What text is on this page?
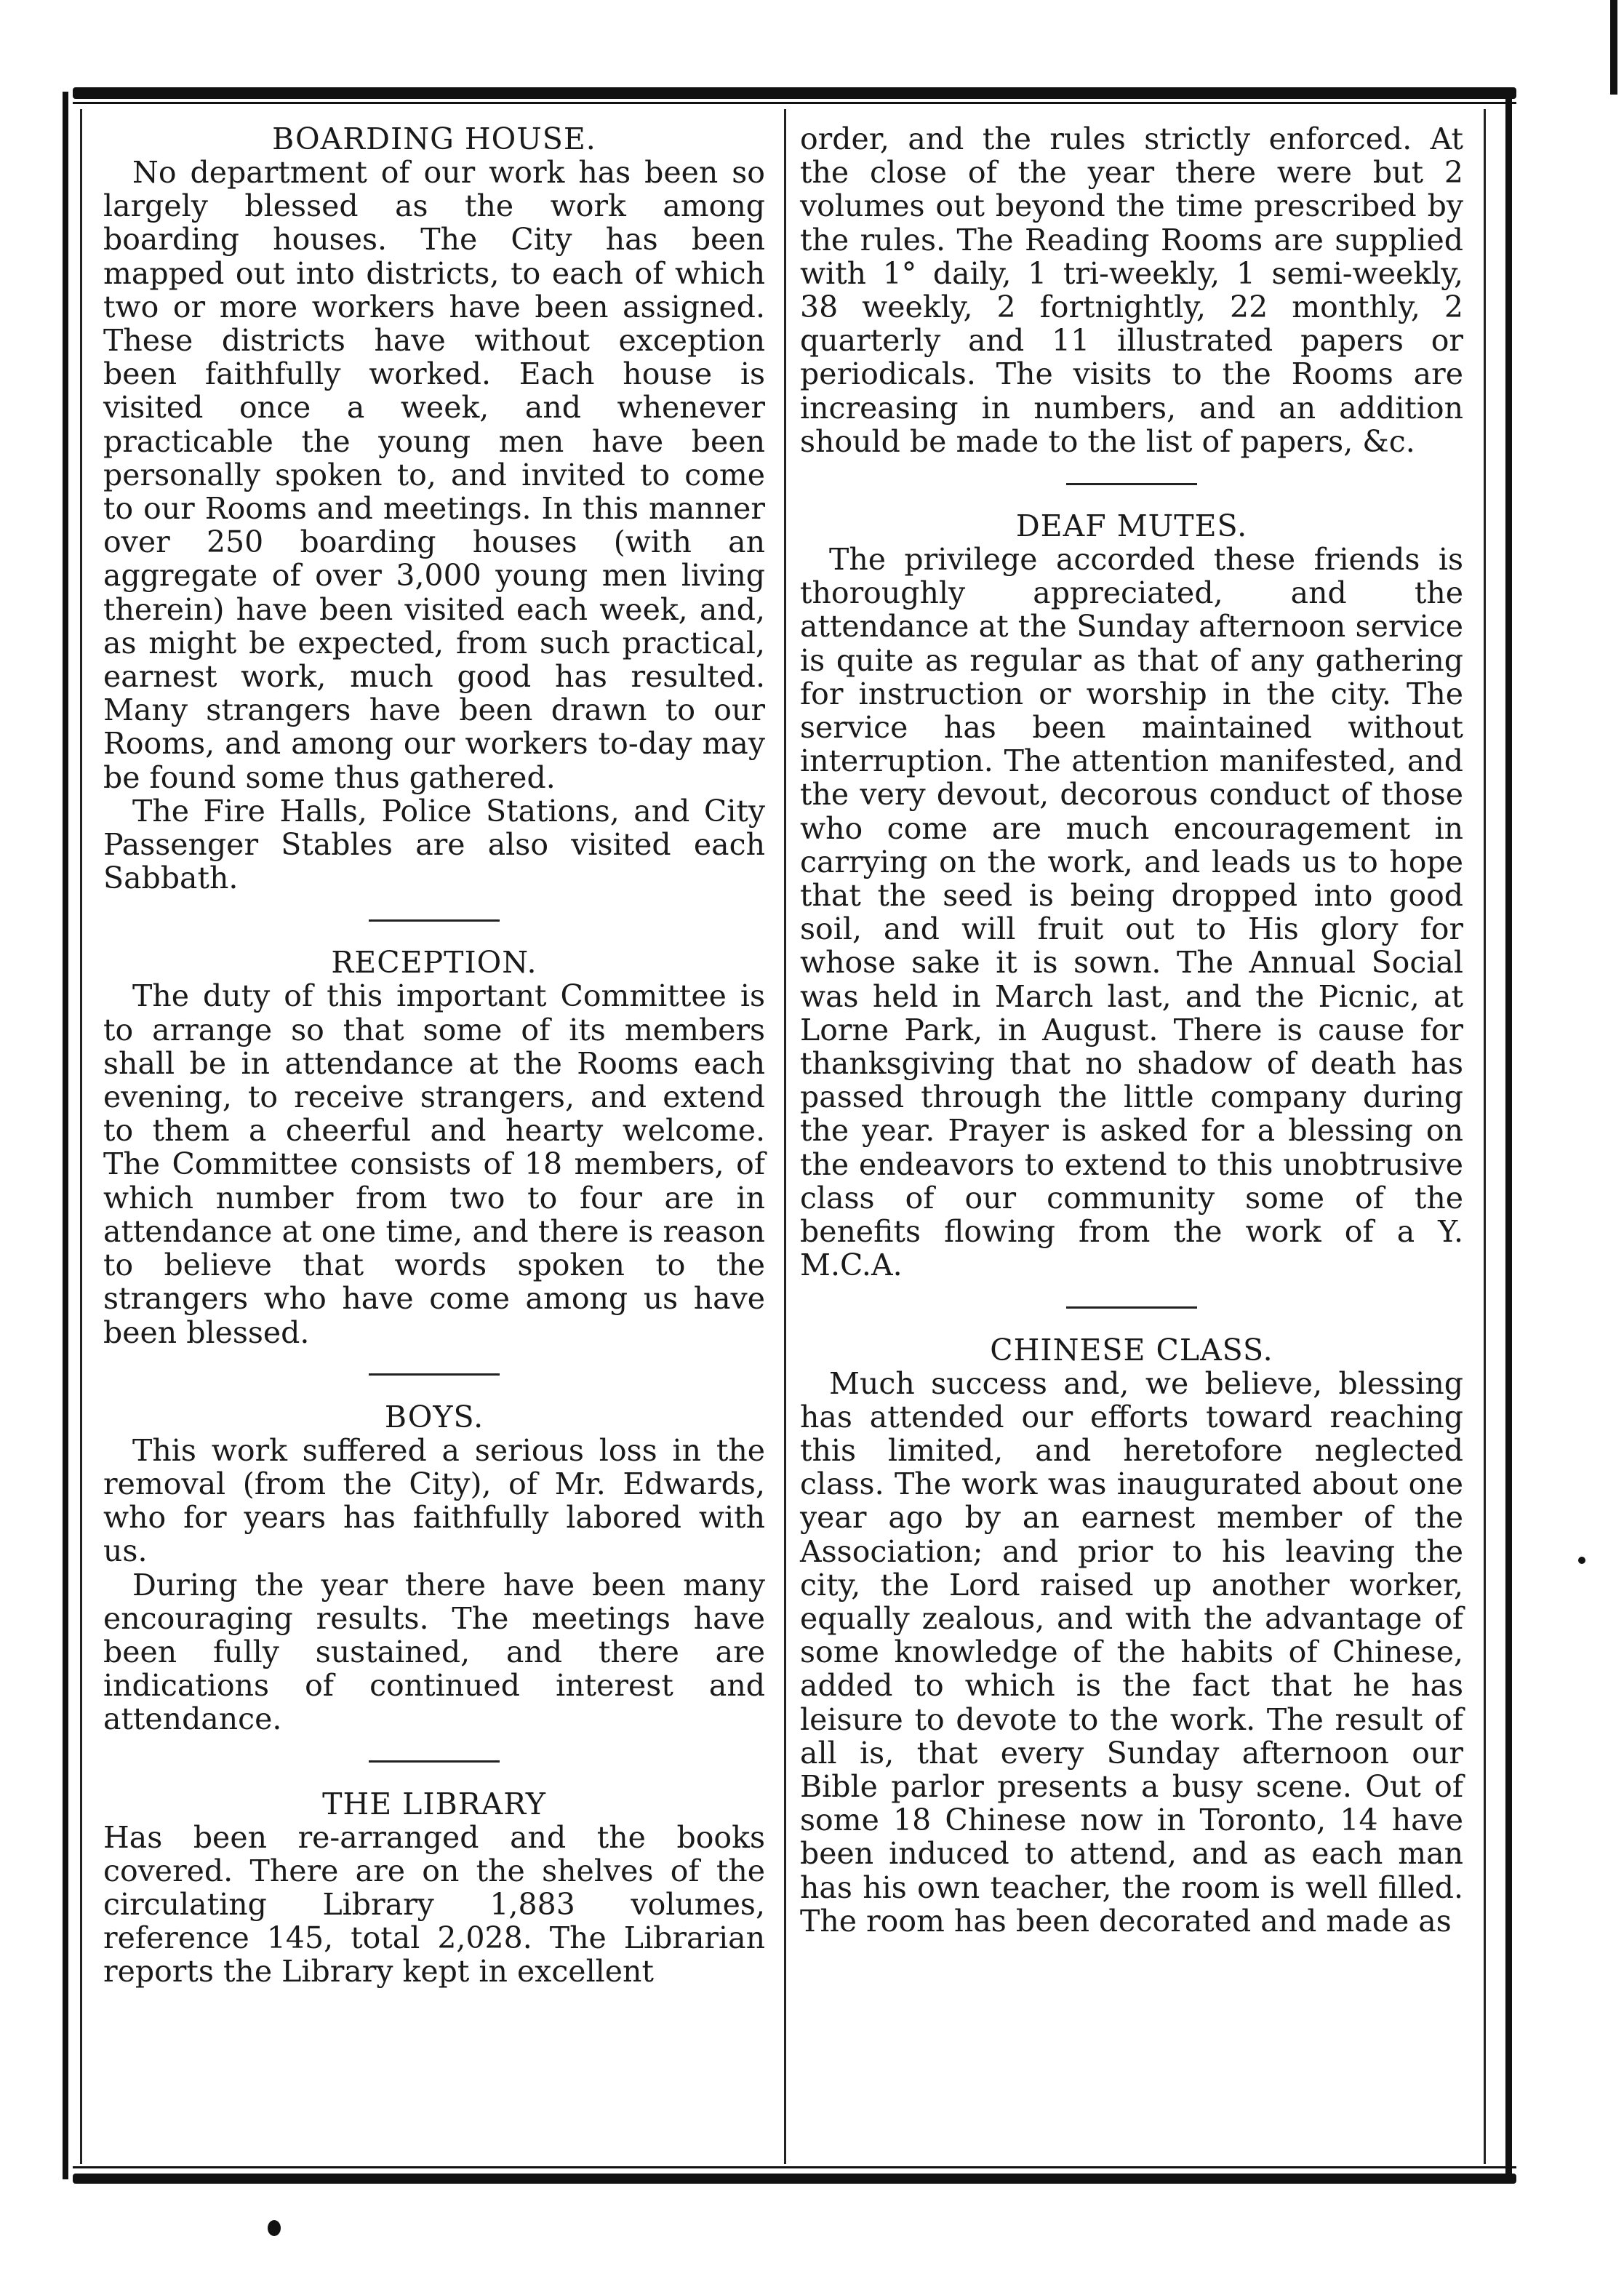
BOARDING HOUSE.

No department of our work has been so largely blessed as the work among boarding houses. The City has been mapped out into districts, to each of which two or more workers have been assigned. These districts have without exception been faithfully worked. Each house is visited once a week, and whenever practicable the young men have been personally spoken to, and invited to come to our Rooms and meetings. In this manner over 250 boarding houses (with an aggregate of over 3,000 young men living therein) have been visited each week, and, as might be expected, from such practical, earnest work, much good has resulted. Many strangers have been drawn to our Rooms, and among our workers to-day may be found some thus gathered.

The Fire Halls, Police Stations, and City Passenger Stables are also visited each Sabbath.

RECEPTION.

The duty of this important Committee is to arrange so that some of its members shall be in attendance at the Rooms each evening, to receive strangers, and extend to them a cheerful and hearty welcome. The Committee consists of 18 members, of which number from two to four are in attendance at one time, and there is reason to believe that words spoken to the strangers who have come among us have been blessed.

BOYS.

This work suffered a serious loss in the removal (from the City), of Mr. Edwards, who for years has faithfully labored with us.

During the year there have been many encouraging results. The meetings have been fully sustained, and there are indications of continued interest and attendance.

THE LIBRARY

Has been re-arranged and the books covered. There are on the shelves of the circulating Library 1,883 volumes, reference 145, total 2,028. The Librarian reports the Library kept in excellent

order, and the rules strictly enforced. At the close of the year there were but 2 volumes out beyond the time prescribed by the rules. The Reading Rooms are supplied with 1° daily, 1 tri-weekly, 1 semi-weekly, 38 weekly, 2 fortnightly, 22 monthly, 2 quarterly and 11 illustrated papers or periodicals. The visits to the Rooms are increasing in numbers, and an addition should be made to the list of papers, &c.

DEAF MUTES.

The privilege accorded these friends is thoroughly appreciated, and the attendance at the Sunday afternoon service is quite as regular as that of any gathering for instruction or worship in the city. The service has been maintained without interruption. The attention manifested, and the very devout, decorous conduct of those who come are much encouragement in carrying on the work, and leads us to hope that the seed is being dropped into good soil, and will fruit out to His glory for whose sake it is sown. The Annual Social was held in March last, and the Picnic, at Lorne Park, in August. There is cause for thanksgiving that no shadow of death has passed through the little company during the year. Prayer is asked for a blessing on the endeavors to extend to this unobtrusive class of our community some of the benefits flowing from the work of a Y. M.C.A.

CHINESE CLASS.

Much success and, we believe, blessing has attended our efforts toward reaching this limited, and heretofore neglected class. The work was inaugurated about one year ago by an earnest member of the Association; and prior to his leaving the city, the Lord raised up another worker, equally zealous, and with the advantage of some knowledge of the habits of Chinese, added to which is the fact that he has leisure to devote to the work. The result of all is, that every Sunday afternoon our Bible parlor presents a busy scene. Out of some 18 Chinese now in Toronto, 14 have been induced to attend, and as each man has his own teacher, the room is well filled. The room has been decorated and made as
